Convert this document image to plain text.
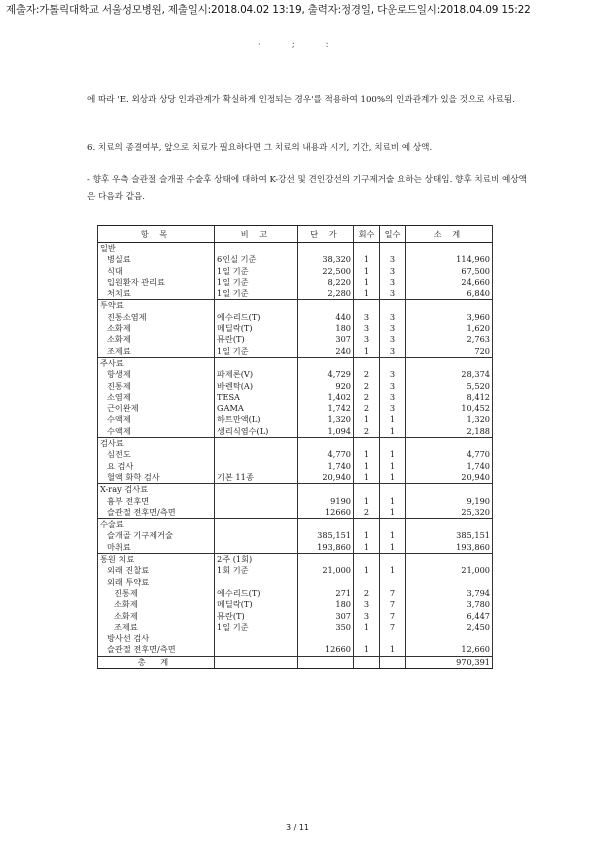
제출자:가톨릭대학교 서울성모병원, 제출일시:2018.04.02 13:19, 출력자:정경일, 다운로드일시:2018.04.09 15:22
· ; :
에 따라 'E. 외상과 상당 인과관계가 확실하게 인정되는 경우'를 적용하여 100%의 인과관계가 있을 것으로 사료됨.
6. 치료의 종결여부, 앞으로 치료가 필요하다면 그 치료의 내용과 시기, 기간, 치료비 예 상액.
- 향후 우측 슬관절 슬개골 수술후 상태에 대하여 K-강선 및 견인강선의 기구제거술 요하는 상태임. 향후 치료비 예상액은 다음과 같음.
항 목	비 고	단 가	회수	일수	소 계
일반					
병실료	6인실 기준	38,320	1	3	114,960
식대	1일 기준	22,500	1	3	67,500
입원환자 관리료	1일 기준	8,220	1	3	24,660
처치료	1일 기준	2,280	1	3	6,840
투약료					
진통소염제	에수리드(T)	440	3	3	3,960
소화제	메딜락(T)	180	3	3	1,620
소화제	뮤란(T)	307	3	3	2,763
조제료	1일 기준	240	1	3	720
주사료					
항생제	파제론(V)	4,729	2	3	28,374
진통제	바렌탁(A)	920	2	3	5,520
소염제	TESA	1,402	2	3	8,412
근이완제	GAMA	1,742	2	3	10,452
수액제	하트만액(L)	1,320	1	1	1,320
수액제	생리식염수(L)	1,094	2	1	2,188
검사료					
심전도		4,770	1	1	4,770
요 검사		1,740	1	1	1,740
혈액 화학 검사	기본 11종	20,940	1	1	20,940
X-ray 검사료					
흉부 전후면		9190	1	1	9,190
슬관절 전후면/측면		12660	2	1	25,320
수술료					
슬개골 기구제거술		385,151	1	1	385,151
마취료		193,860	1	1	193,860
통원 치료	2주 (1회)				
외래 진찰료	1회 기준	21,000	1	1	21,000
외래 투약료					
진통제	에수리드(T)	271	2	7	3,794
소화제	메딜락(T)	180	3	7	3,780
소화제	뮤란(T)	307	3	7	6,447
조제료	1일 기준	350	1	7	2,450
방사선 검사					
슬관절 전후면/측면		12660	1	1	12,660
총 계					970,391
3 / 11
